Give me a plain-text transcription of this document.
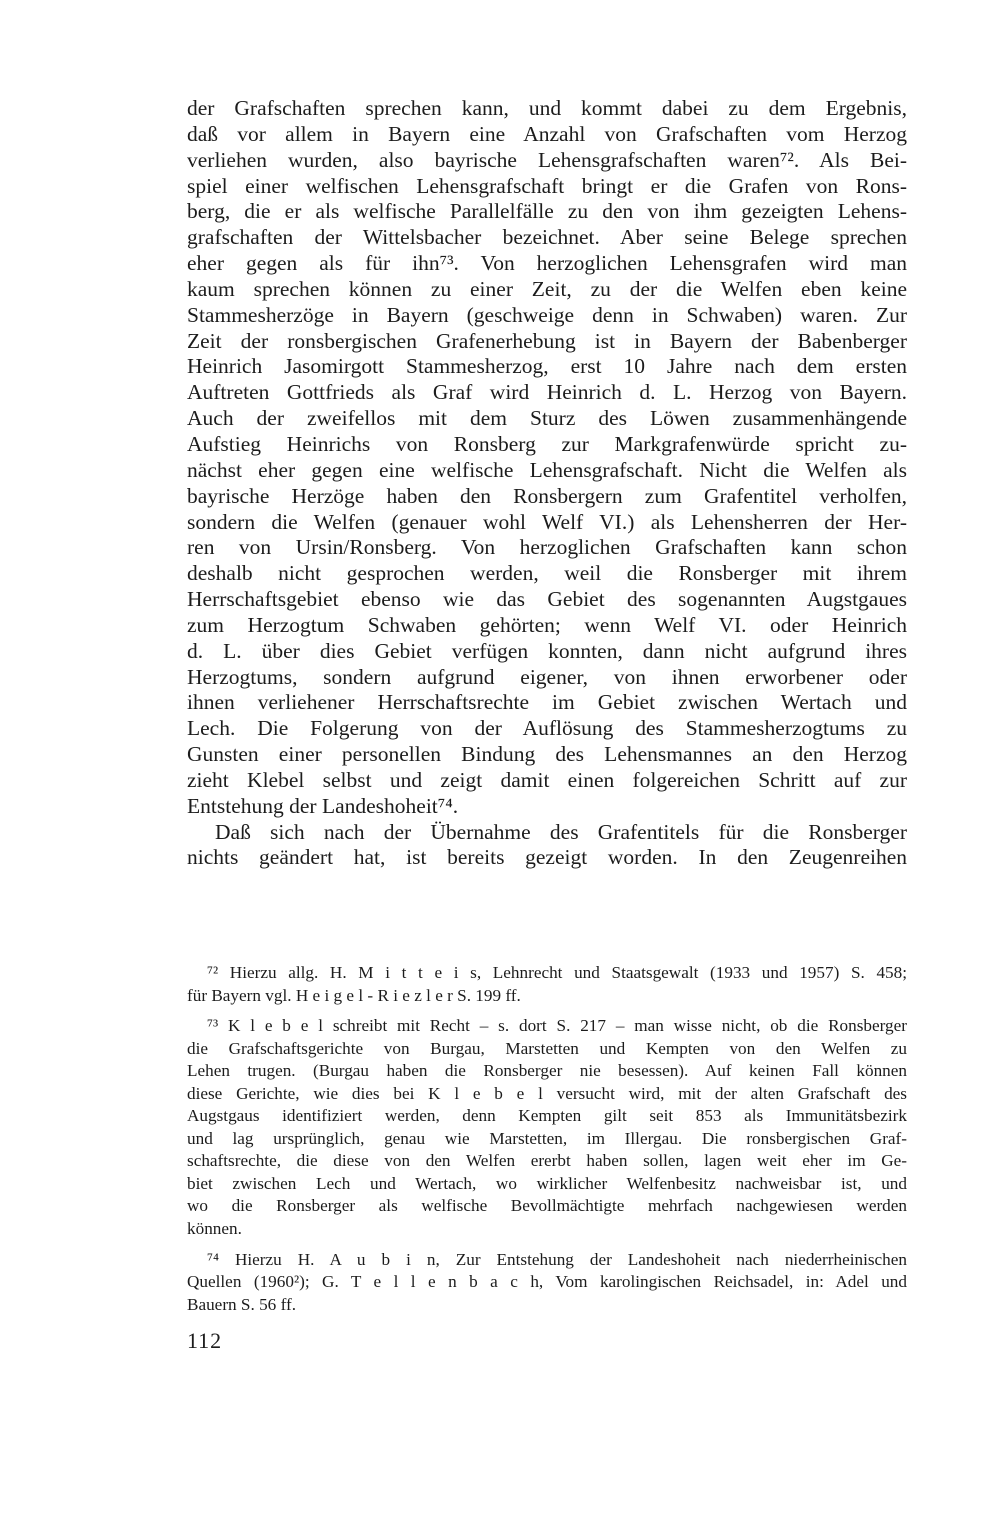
der Grafschaften sprechen kann, und kommt dabei zu dem Ergebnis,
daß vor allem in Bayern eine Anzahl von Grafschaften vom Herzog
verliehen wurden, also bayrische Lehensgrafschaften waren⁷². Als Bei-
spiel einer welfischen Lehensgrafschaft bringt er die Grafen von Rons-
berg, die er als welfische Parallelfälle zu den von ihm gezeigten Lehens-
grafschaften der Wittelsbacher bezeichnet. Aber seine Belege sprechen
eher gegen als für ihn⁷³. Von herzoglichen Lehensgrafen wird man
kaum sprechen können zu einer Zeit, zu der die Welfen eben keine
Stammesherzöge in Bayern (geschweige denn in Schwaben) waren. Zur
Zeit der ronsbergischen Grafenerhebung ist in Bayern der Babenberger
Heinrich Jasomirgott Stammesherzog, erst 10 Jahre nach dem ersten
Auftreten Gottfrieds als Graf wird Heinrich d. L. Herzog von Bayern.
Auch der zweifellos mit dem Sturz des Löwen zusammenhängende
Aufstieg Heinrichs von Ronsberg zur Markgrafenwürde spricht zu-
nächst eher gegen eine welfische Lehensgrafschaft. Nicht die Welfen als
bayrische Herzöge haben den Ronsbergern zum Grafentitel verholfen,
sondern die Welfen (genauer wohl Welf VI.) als Lehensherren der Her-
ren von Ursin/Ronsberg. Von herzoglichen Grafschaften kann schon
deshalb nicht gesprochen werden, weil die Ronsberger mit ihrem
Herrschaftsgebiet ebenso wie das Gebiet des sogenannten Augstgaues
zum Herzogtum Schwaben gehörten; wenn Welf VI. oder Heinrich
d. L. über dies Gebiet verfügen konnten, dann nicht aufgrund ihres
Herzogtums, sondern aufgrund eigener, von ihnen erworbener oder
ihnen verliehener Herrschaftsrechte im Gebiet zwischen Wertach und
Lech. Die Folgerung von der Auflösung des Stammesherzogtums zu
Gunsten einer personellen Bindung des Lehensmannes an den Herzog
zieht Klebel selbst und zeigt damit einen folgereichen Schritt auf zur
Entstehung der Landeshoheit⁷⁴.
Daß sich nach der Übernahme des Grafentitels für die Ronsberger
nichts geändert hat, ist bereits gezeigt worden. In den Zeugenreihen
⁷² Hierzu allg. H. M i t t e i s, Lehnrecht und Staatsgewalt (1933 und 1957) S. 458;
für Bayern vgl. H e i g e l - R i e z l e r S. 199 ff.
⁷³ K l e b e l schreibt mit Recht – s. dort S. 217 – man wisse nicht, ob die Ronsberger
die Grafschaftsgerichte von Burgau, Marstetten und Kempten von den Welfen zu
Lehen trugen. (Burgau haben die Ronsberger nie besessen). Auf keinen Fall können
diese Gerichte, wie dies bei K l e b e l versucht wird, mit der alten Grafschaft des
Augstgaus identifiziert werden, denn Kempten gilt seit 853 als Immunitätsbezirk
und lag ursprünglich, genau wie Marstetten, im Illergau. Die ronsbergischen Graf-
schaftsrechte, die diese von den Welfen ererbt haben sollen, lagen weit eher im Ge-
biet zwischen Lech und Wertach, wo wirklicher Welfenbesitz nachweisbar ist, und
wo die Ronsberger als welfische Bevollmächtigte mehrfach nachgewiesen werden
können.
⁷⁴ Hierzu H. A u b i n, Zur Entstehung der Landeshoheit nach niederrheinischen
Quellen (1960²); G. T e l l e n b a c h, Vom karolingischen Reichsadel, in: Adel und
Bauern S. 56 ff.
112
